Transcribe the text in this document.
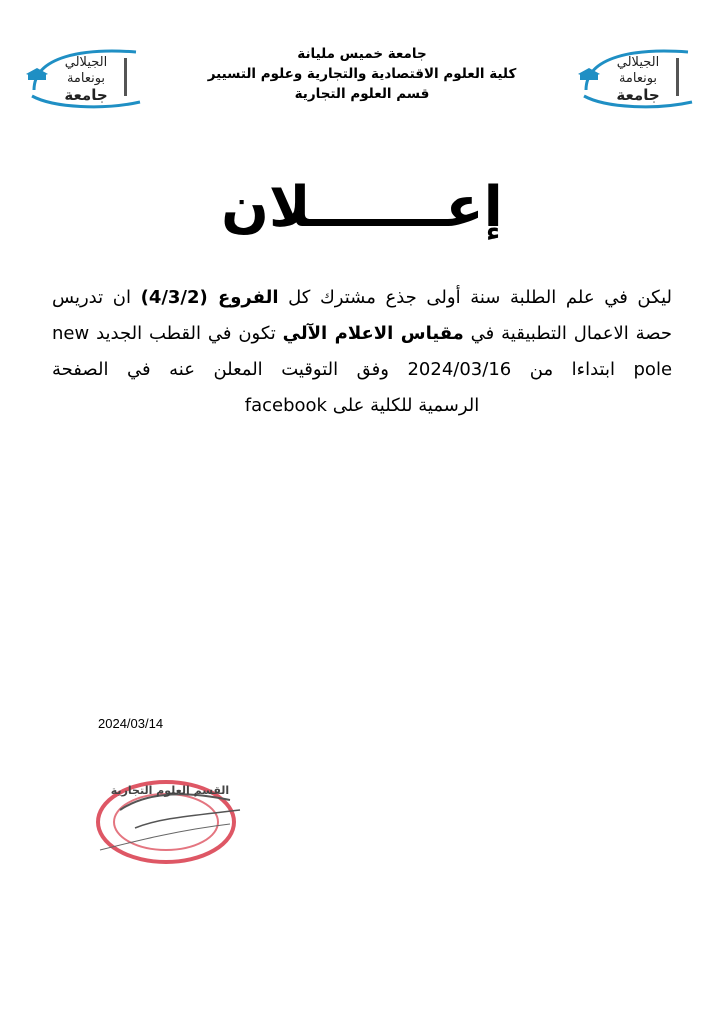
الجيلالي
بونعامة
جامعة
الجيلالي
بونعامة
جامعة
جامعة خميس مليانة
كلية العلوم الاقتصادية والتجارية وعلوم التسيير
قسم العلوم التجارية
إعـــــــلان
ليكن في علم الطلبة سنة أولى جذع مشترك كل الفروع (4/3/2) ان تدريس
حصة الاعمال التطبيقية في مقياس الاعلام الآلي تكون في القطب الجديد new
pole ابتداءا من 2024/03/16 وفق التوقيت المعلن عنه في الصفحة
الرسمية للكلية على facebook
2024/03/14
القسم العلوم التجارية
